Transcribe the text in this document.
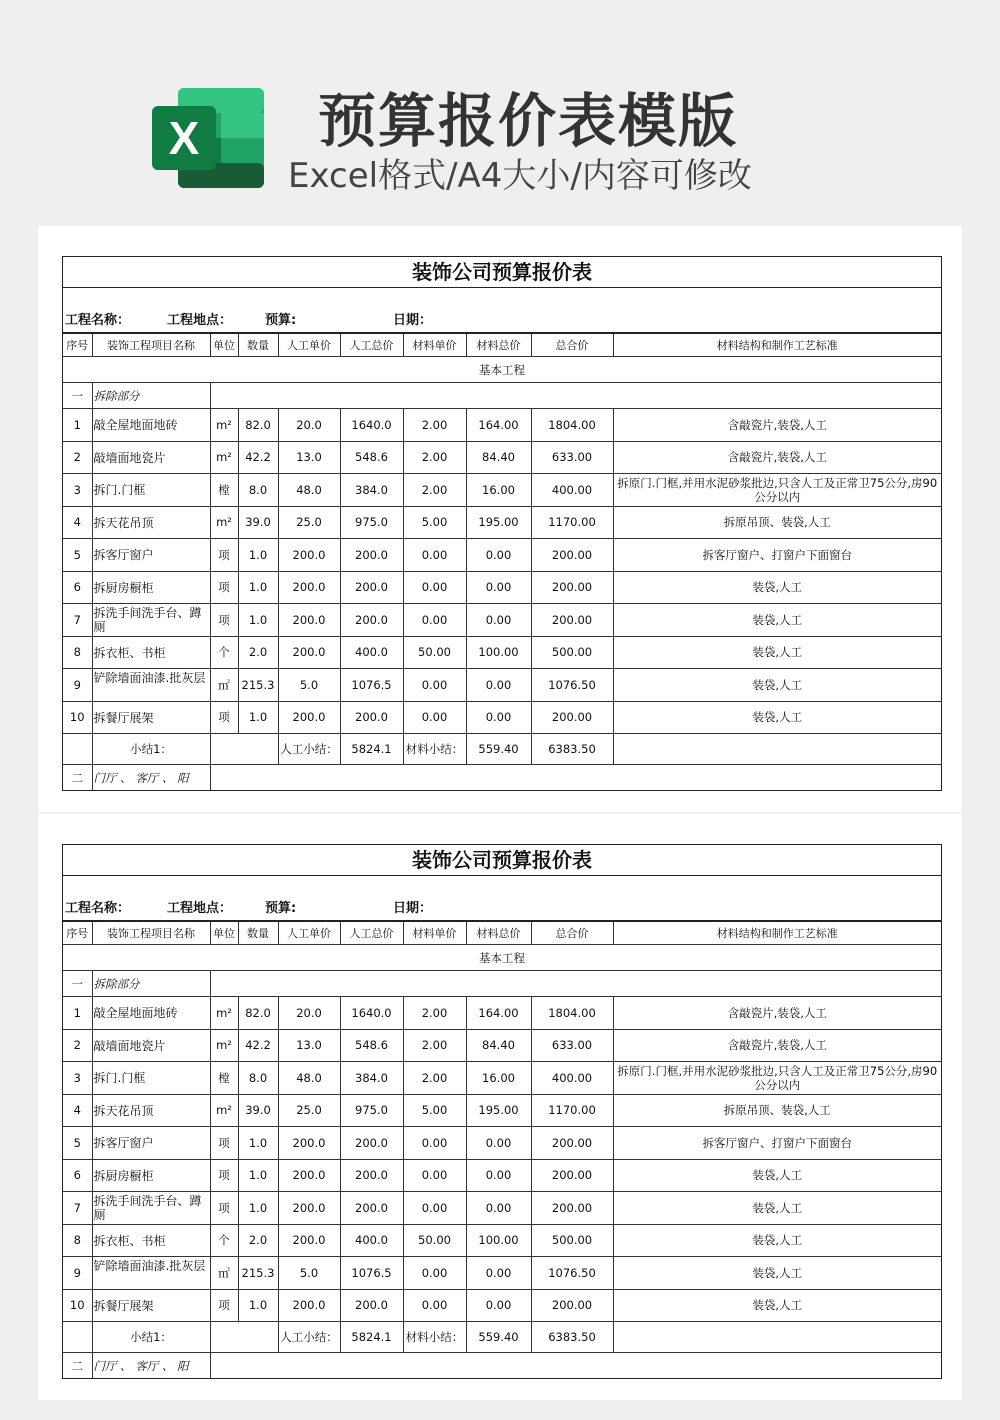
X 预算报价表模版
Excel格式/A4大小/内容可修改
装饰公司预算报价表
工程名称：	工程地点：	预算:	日期：
序号	装饰工程项目名称	单位	数量	人工单价	人工总价	材料单价	材料总价	总合价	材料结构和制作工艺标准
基本工程									
一	拆除部分								
1	敲全屋地面地砖	m²	82.0	20.0	1640.0	2.00	164.00	1804.00	含敲瓷片,装袋,人工
2	敲墙面地瓷片	m²	42.2	13.0	548.6	2.00	84.40	633.00	含敲瓷片,装袋,人工
3	拆门.门框	樘	8.0	48.0	384.0	2.00	16.00	400.00	拆原门.门框,并用水泥砂浆批边,只含人工及正常卫75公分,房90公分以内

4	拆天花吊顶	m²	39.0	25.0	975.0	5.00	195.00	1170.00	拆原吊顶、装袋,人工
5	拆客厅窗户	项	1.0	200.0	200.0	0.00	0.00	200.00	拆客厅窗户、打窗户下面窗台
6	拆厨房橱柜	项	1.0	200.0	200.0	0.00	0.00	200.00	装袋,人工
7	拆洗手间洗手台、蹲厕	项	1.0	200.0	200.0	0.00	0.00	200.00	装袋,人工
8	拆衣柜、书柜	个	2.0	200.0	400.0	50.00	100.00	500.00	装袋,人工
9	铲除墙面油漆.批灰层	㎡	215.3	5.0	1076.5	0.00	0.00	1076.50	装袋,人工
10	拆餐厅展架	项	1.0	200.0	200.0	0.00	0.00	200.00	装袋,人工
	小结1：			人工小结：	5824.1	材料小结：	559.40	6383.50	
二	门厅 、 客厅 、 阳								
装饰公司预算报价表
工程名称：	工程地点：	预算:	日期：
序号	装饰工程项目名称	单位	数量	人工单价	人工总价	材料单价	材料总价	总合价	材料结构和制作工艺标准
基本工程									
一	拆除部分								
1	敲全屋地面地砖	m²	82.0	20.0	1640.0	2.00	164.00	1804.00	含敲瓷片,装袋,人工
2	敲墙面地瓷片	m²	42.2	13.0	548.6	2.00	84.40	633.00	含敲瓷片,装袋,人工
3	拆门.门框	樘	8.0	48.0	384.0	2.00	16.00	400.00	拆原门.门框,并用水泥砂浆批边,只含人工及正常卫75公分,房90公分以内

4	拆天花吊顶	m²	39.0	25.0	975.0	5.00	195.00	1170.00	拆原吊顶、装袋,人工
5	拆客厅窗户	项	1.0	200.0	200.0	0.00	0.00	200.00	拆客厅窗户、打窗户下面窗台
6	拆厨房橱柜	项	1.0	200.0	200.0	0.00	0.00	200.00	装袋,人工
7	拆洗手间洗手台、蹲厕	项	1.0	200.0	200.0	0.00	0.00	200.00	装袋,人工
8	拆衣柜、书柜	个	2.0	200.0	400.0	50.00	100.00	500.00	装袋,人工
9	铲除墙面油漆.批灰层	㎡	215.3	5.0	1076.5	0.00	0.00	1076.50	装袋,人工
10	拆餐厅展架	项	1.0	200.0	200.0	0.00	0.00	200.00	装袋,人工
	小结1：			人工小结：	5824.1	材料小结：	559.40	6383.50	
二	门厅 、 客厅 、 阳								
